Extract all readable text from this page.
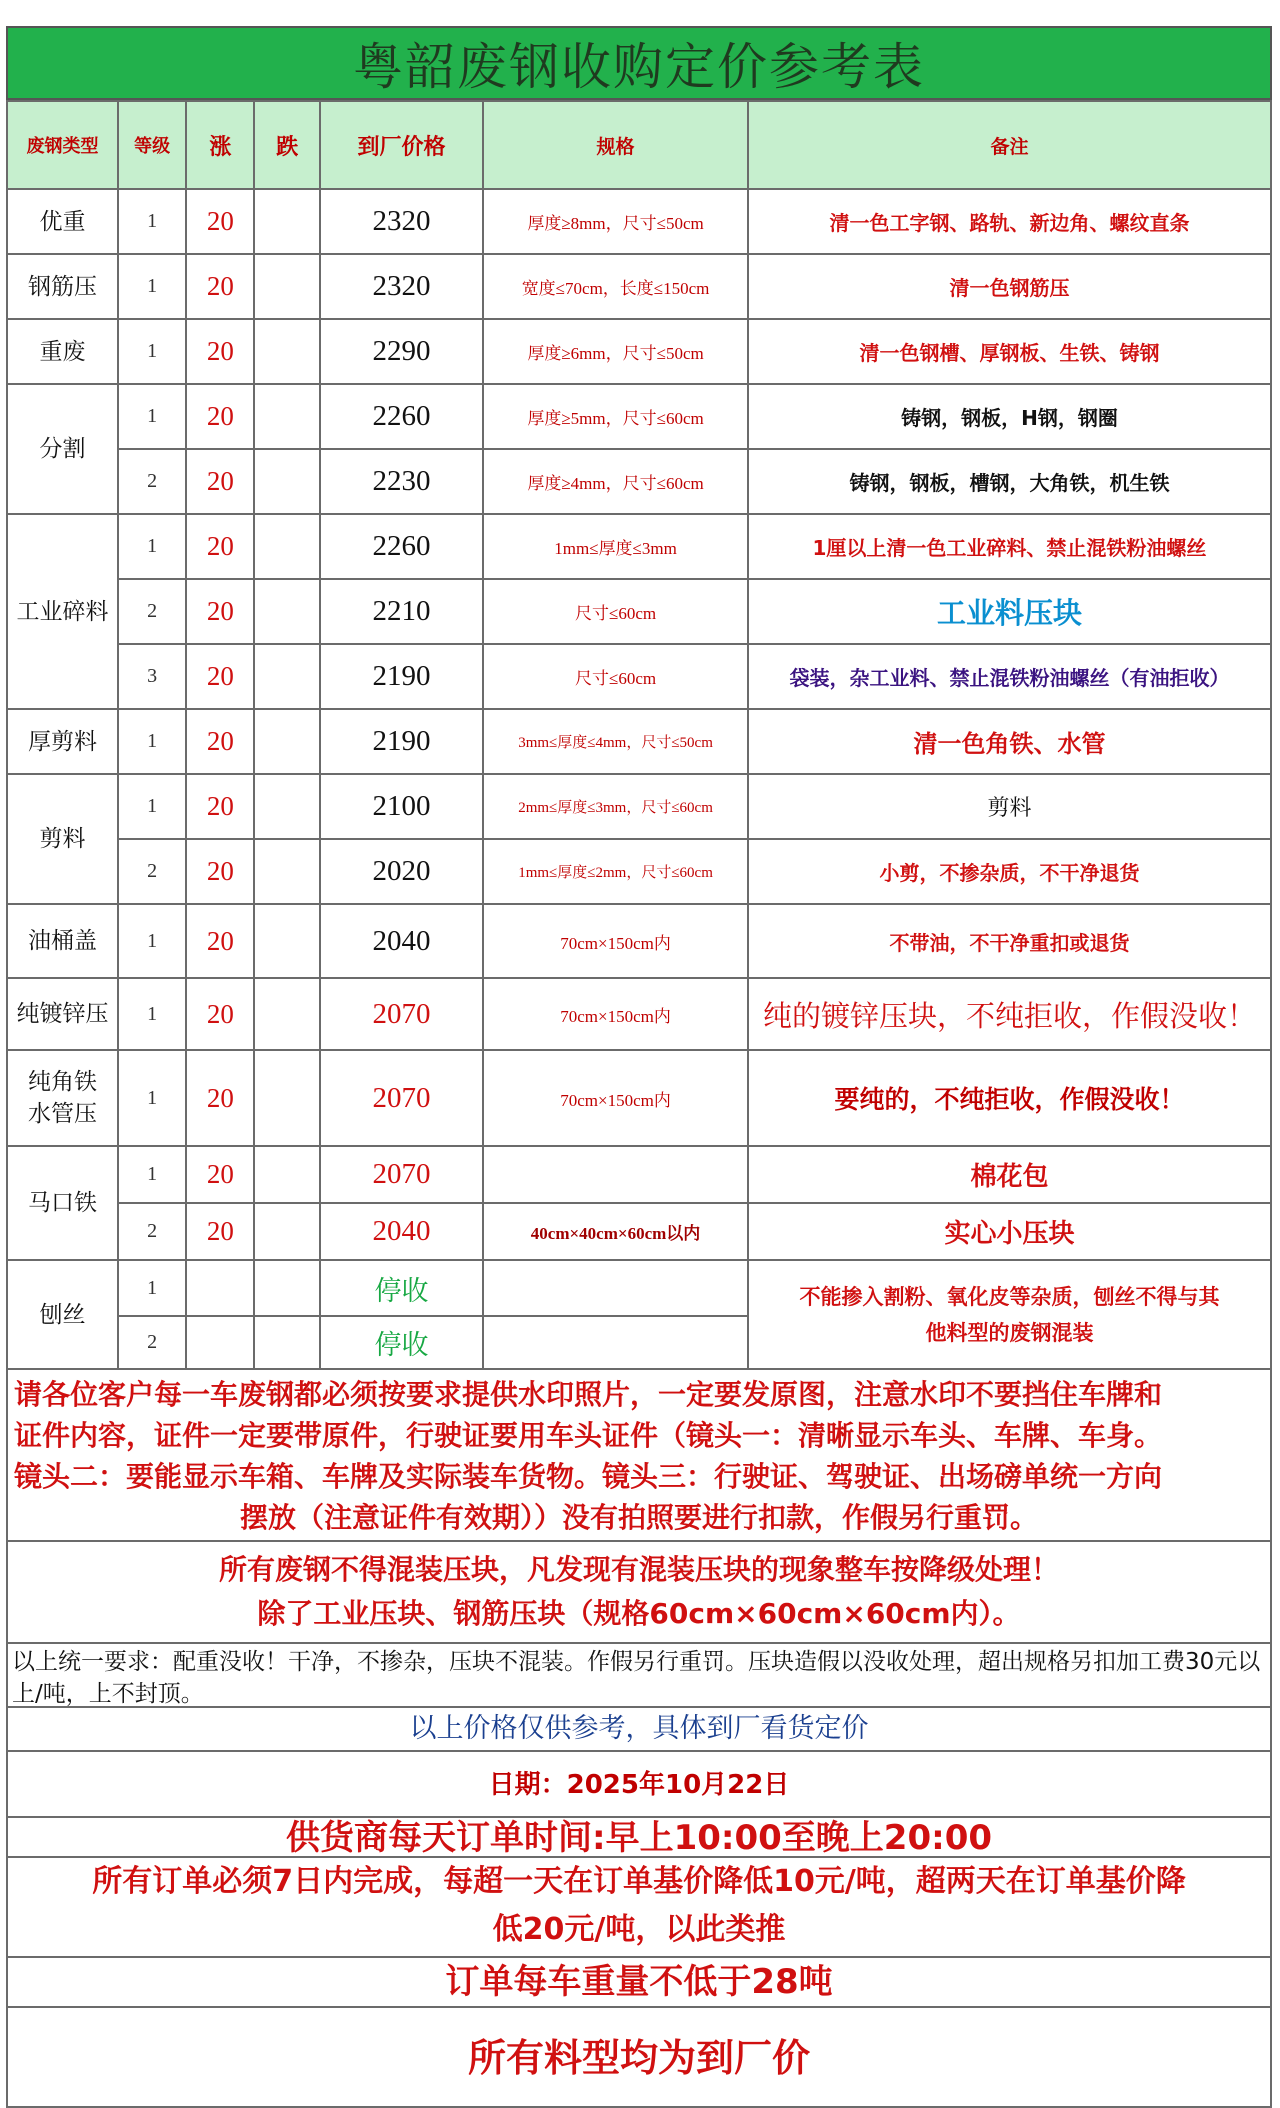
粤韶废钢收购定价参考表
废钢类型	等级	涨	跌	到厂价格	规格	备注
优重	1	20		2320	厚度≥8mm，尺寸≤50cm	清一色工字钢、路轨、新边角、螺纹直条
钢筋压	1	20		2320	宽度≤70cm，长度≤150cm	清一色钢筋压
重废	1	20		2290	厚度≥6mm，尺寸≤50cm	清一色钢槽、厚钢板、生铁、铸钢
分割	1	20		2260	厚度≥5mm，尺寸≤60cm	铸钢，钢板，H钢，钢圈
	2	20		2230	厚度≥4mm，尺寸≤60cm	铸钢，钢板，槽钢，大角铁，机生铁
工业碎料	1	20		2260	1mm≤厚度≤3mm	1厘以上清一色工业碎料、禁止混铁粉油螺丝
	2	20		2210	尺寸≤60cm	工业料压块
	3	20		2190	尺寸≤60cm	袋装，杂工业料、禁止混铁粉油螺丝（有油拒收）
厚剪料	1	20		2190	3mm≤厚度≤4mm，尺寸≤50cm	清一色角铁、水管
剪料	1	20		2100	2mm≤厚度≤3mm，尺寸≤60cm	剪料
	2	20		2020	1mm≤厚度≤2mm，尺寸≤60cm	小剪，不掺杂质，不干净退货
油桶盖	1	20		2040	70cm×150cm内	不带油，不干净重扣或退货
纯镀锌压	1	20		2070	70cm×150cm内	纯的镀锌压块，不纯拒收，作假没收！

纯角铁
水管压	1	20		2070	70cm×150cm内	要纯的，不纯拒收，作假没收！
马口铁	1	20		2070		棉花包
	2	20		2040	40cm×40cm×60cm以内	实心小压块
刨丝	1			停收		不能掺入割粉、氧化皮等杂质，刨丝不得与其
他料型的废钢混装

	2			停收		

请各位客户每一车废钢都必须按要求提供水印照片，一定要发原图，注意水印不要挡住车牌和

证件内容，证件一定要带原件，行驶证要用车头证件（镜头一：清晰显示车头、车牌、车身。

镜头二：要能显示车箱、车牌及实际装车货物。镜头三：行驶证、驾驶证、出场磅单统一方向

摆放（注意证件有效期））没有拍照要进行扣款，作假另行重罚。

所有废钢不得混装压块，凡发现有混装压块的现象整车按降级处理！

除了工业压块、钢筋压块（规格60cm×60cm×60cm内）。

以上统一要求：配重没收！干净，不掺杂，压块不混装。作假另行重罚。压块造假以没收处理，超出规格另扣加工费30元以上/吨，上不封顶。
以上价格仅供参考，具体到厂看货定价
日期：2025年10月22日
供货商每天订单时间:早上10:00至晚上20:00
所有订单必须7日内完成，每超一天在订单基价降低10元/吨，超两天在订单基价降
低20元/吨，以此类推
订单每车重量不低于28吨
所有料型均为到厂价
